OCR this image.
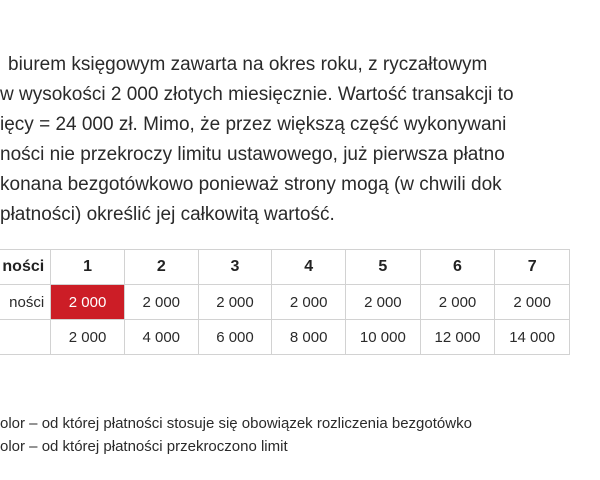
biurem księgowym zawarta na okres roku, z ryczałtowym
w wysokości 2 000 złotych miesięcznie. Wartość transakcji to
ięcy = 24 000 zł. Mimo, że przez większą część wykonywani
ności nie przekroczy limitu ustawowego, już pierwsza płatno
konana bezgotówkowo ponieważ strony mogą (w chwili dok
płatności) określić jej całkowitą wartość.
ności	1	2	3	4	5	6	7
ności	2 000	2 000	2 000	2 000	2 000	2 000	2 000
	2 000	4 000	6 000	8 000	10 000	12 000	14 000
olor – od której płatności stosuje się obowiązek rozliczenia bezgotówko
olor – od której płatności przekroczono limit
